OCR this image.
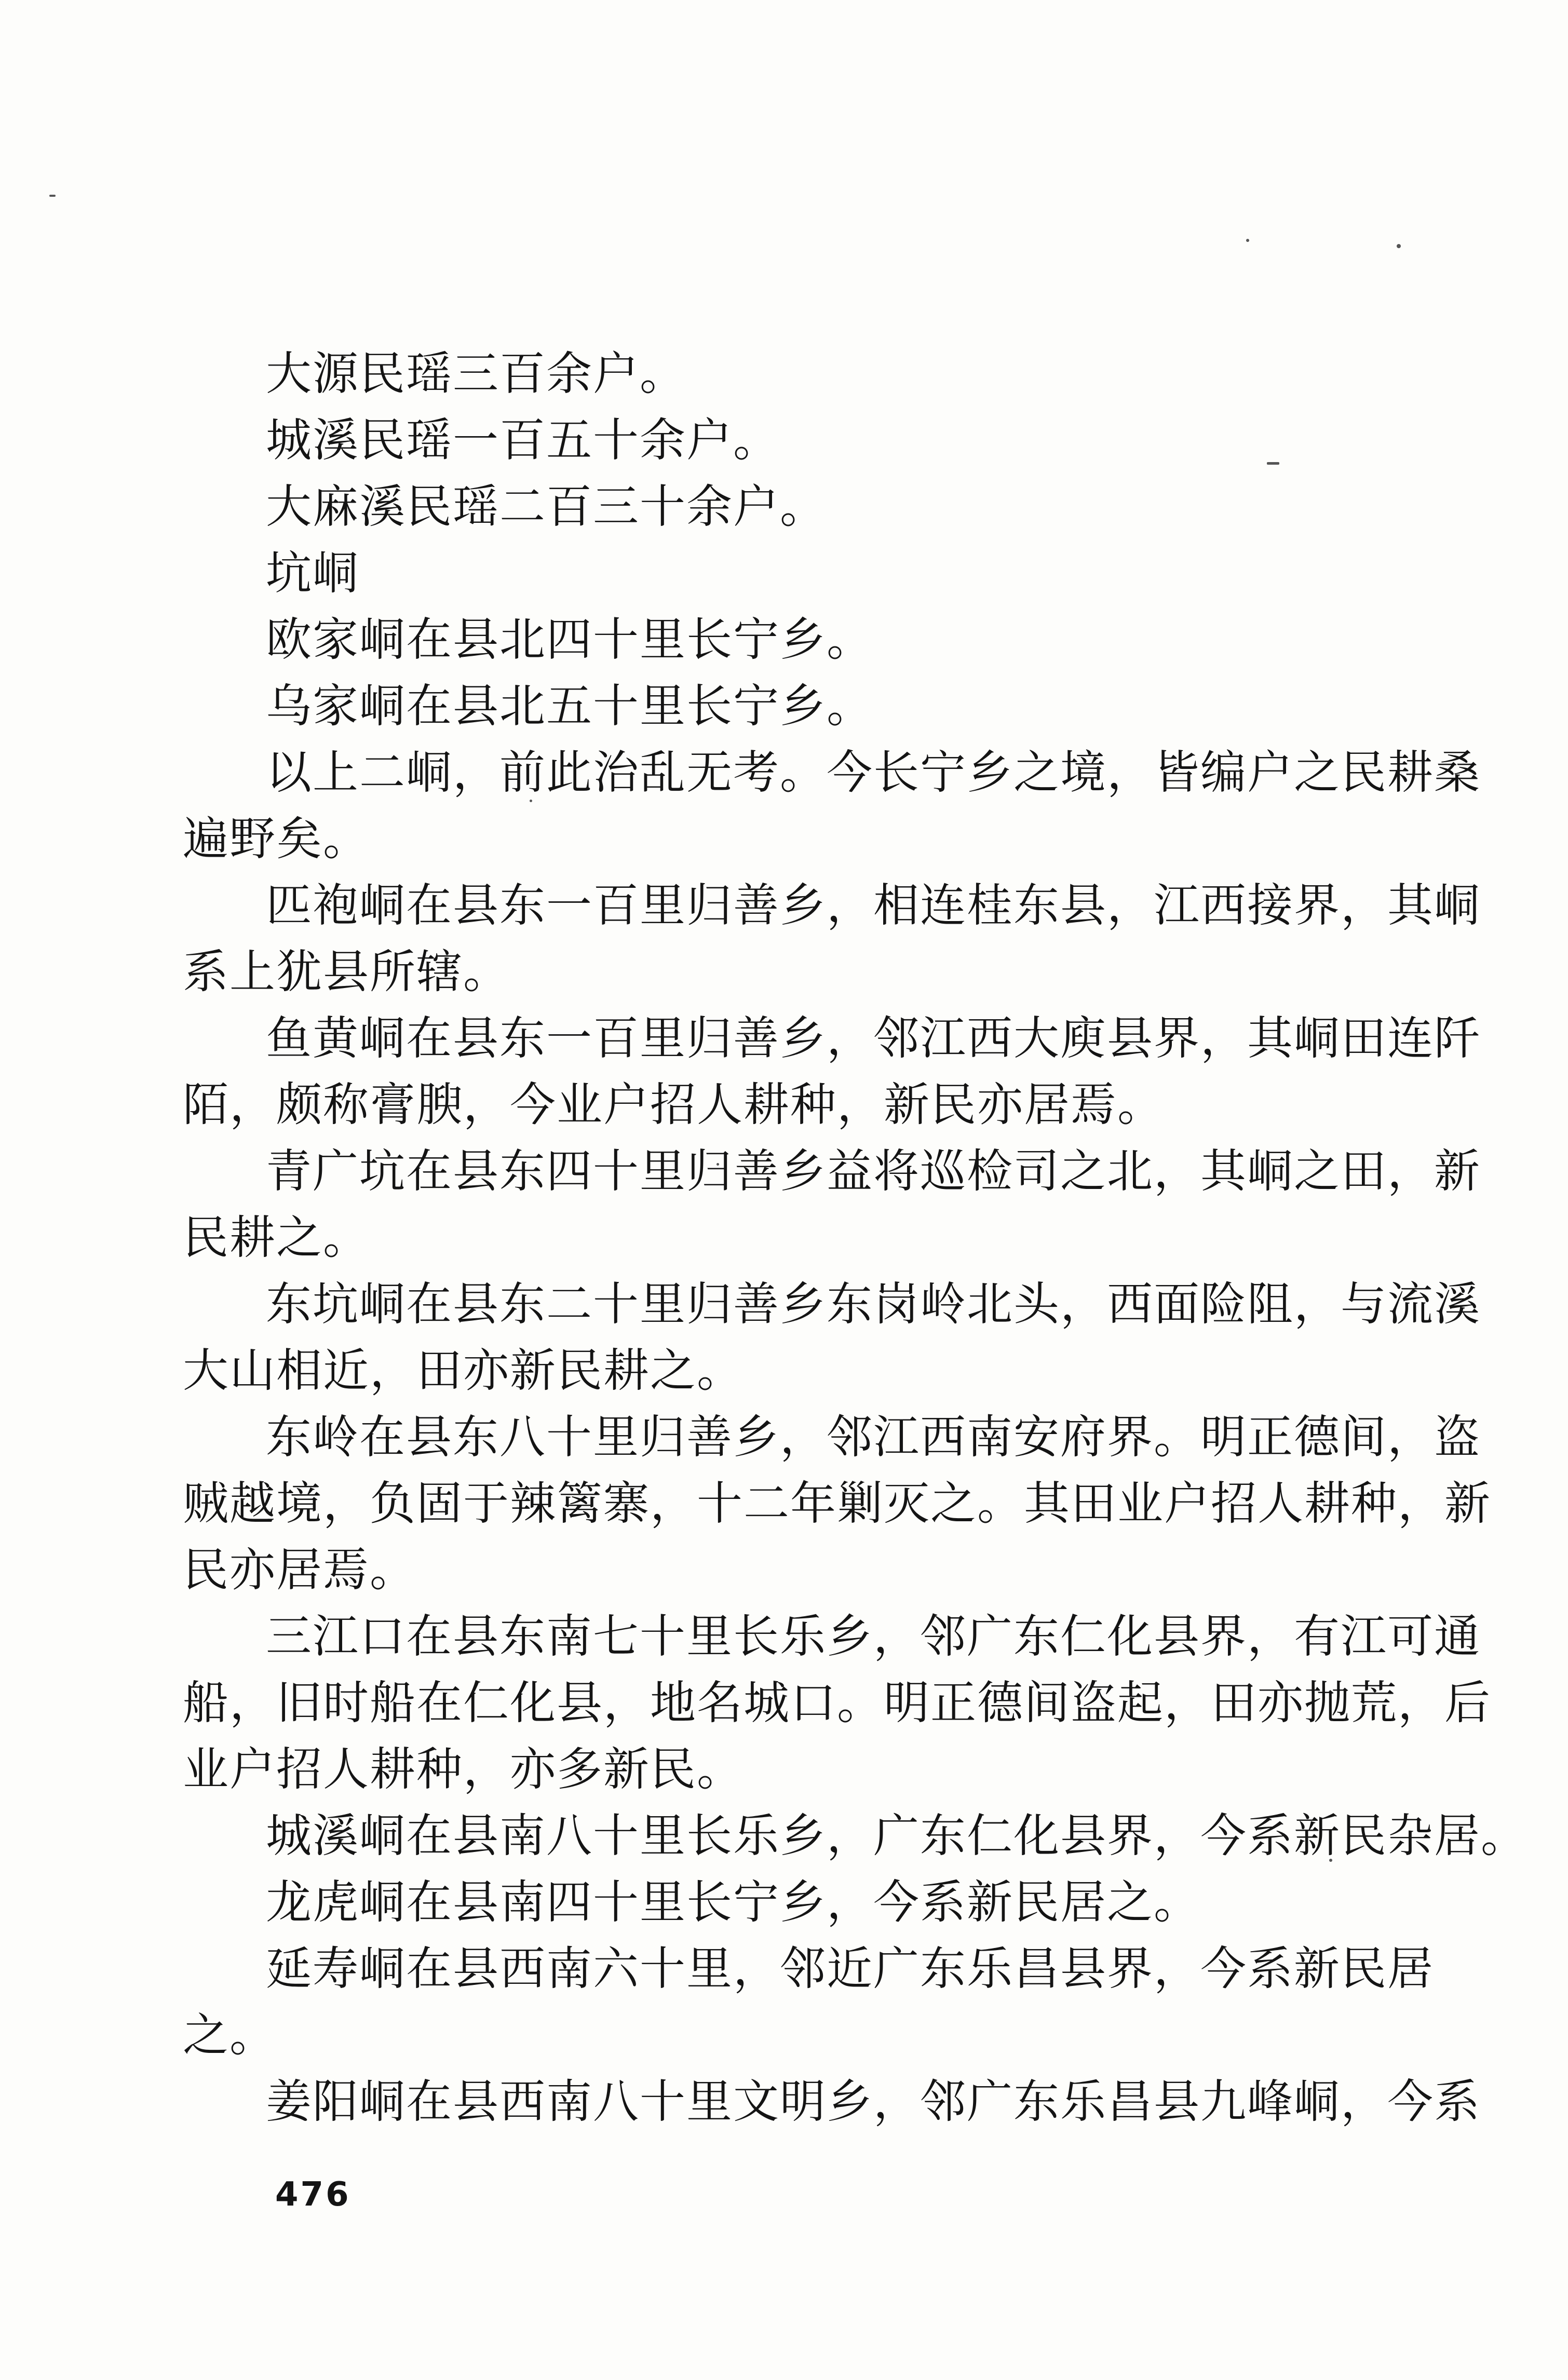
大源民瑶三百余户。
城溪民瑶一百五十余户。
大麻溪民瑶二百三十余户。
坑峒
欧家峒在县北四十里长宁乡。
乌家峒在县北五十里长宁乡。
以上二峒，前此治乱无考。今长宁乡之境，皆编户之民耕桑
遍野矣。
匹袍峒在县东一百里归善乡，相连桂东县，江西接界，其峒
系上犹县所辖。
鱼黄峒在县东一百里归善乡，邻江西大庾县界，其峒田连阡
陌，颇称膏腴，今业户招人耕种，新民亦居焉。
青广坑在县东四十里归善乡益将巡检司之北，其峒之田，新
民耕之。
东坑峒在县东二十里归善乡东岗岭北头，西面险阻，与流溪
大山相近，田亦新民耕之。
东岭在县东八十里归善乡，邻江西南安府界。明正德间，盗
贼越境，负固于辣篱寨，十二年剿灭之。其田业户招人耕种，新
民亦居焉。
三江口在县东南七十里长乐乡，邻广东仁化县界，有江可通
船，旧时船在仁化县，地名城口。明正德间盗起，田亦抛荒，后
业户招人耕种，亦多新民。
城溪峒在县南八十里长乐乡，广东仁化县界，今系新民杂居。
龙虎峒在县南四十里长宁乡，今系新民居之。
延寿峒在县西南六十里，邻近广东乐昌县界，今系新民居
之。
姜阳峒在县西南八十里文明乡，邻广东乐昌县九峰峒，今系
476
